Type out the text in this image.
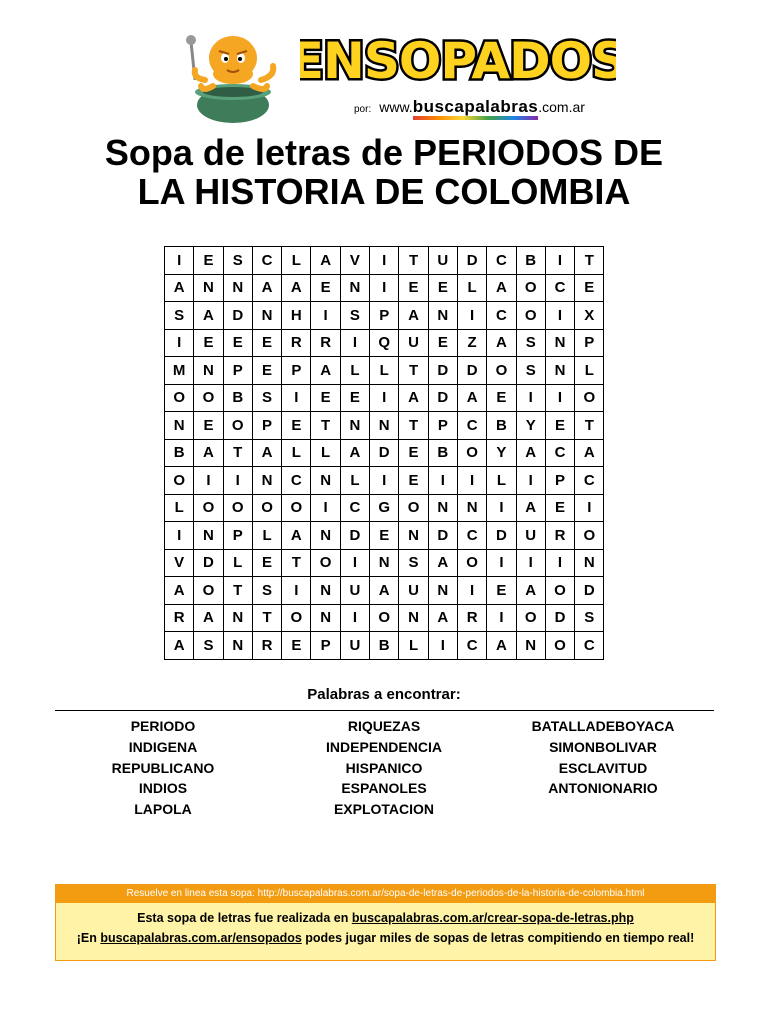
ENSOPADOS
por: www.buscapalabras.com.ar
Sopa de letras de PERIODOS DE
LA HISTORIA DE COLOMBIA
I	E	S	C	L	A	V	I	T	U	D	C	B	I	T
A	N	N	A	A	E	N	I	E	E	L	A	O	C	E
S	A	D	N	H	I	S	P	A	N	I	C	O	I	X
I	E	E	E	R	R	I	Q	U	E	Z	A	S	N	P
M	N	P	E	P	A	L	L	T	D	D	O	S	N	L
O	O	B	S	I	E	E	I	A	D	A	E	I	I	O
N	E	O	P	E	T	N	N	T	P	C	B	Y	E	T
B	A	T	A	L	L	A	D	E	B	O	Y	A	C	A
O	I	I	N	C	N	L	I	E	I	I	L	I	P	C
L	O	O	O	O	I	C	G	O	N	N	I	A	E	I
I	N	P	L	A	N	D	E	N	D	C	D	U	R	O
V	D	L	E	T	O	I	N	S	A	O	I	I	I	N
A	O	T	S	I	N	U	A	U	N	I	E	A	O	D
R	A	N	T	O	N	I	O	N	A	R	I	O	D	S
A	S	N	R	E	P	U	B	L	I	C	A	N	O	C
Palabras a encontrar:
PERIODO
INDIGENA
REPUBLICANO
INDIOS
LAPOLA
RIQUEZAS
INDEPENDENCIA
HISPANICO
ESPANOLES
EXPLOTACION
BATALLADEBOYACA
SIMONBOLIVAR
ESCLAVITUD
ANTONIONARIO
Resuelve en linea esta sopa: http://buscapalabras.com.ar/sopa-de-letras-de-periodos-de-la-historia-de-colombia.html
Esta sopa de letras fue realizada en buscapalabras.com.ar/crear-sopa-de-letras.php
¡En buscapalabras.com.ar/ensopados podes jugar miles de sopas de letras compitiendo en tiempo real!
